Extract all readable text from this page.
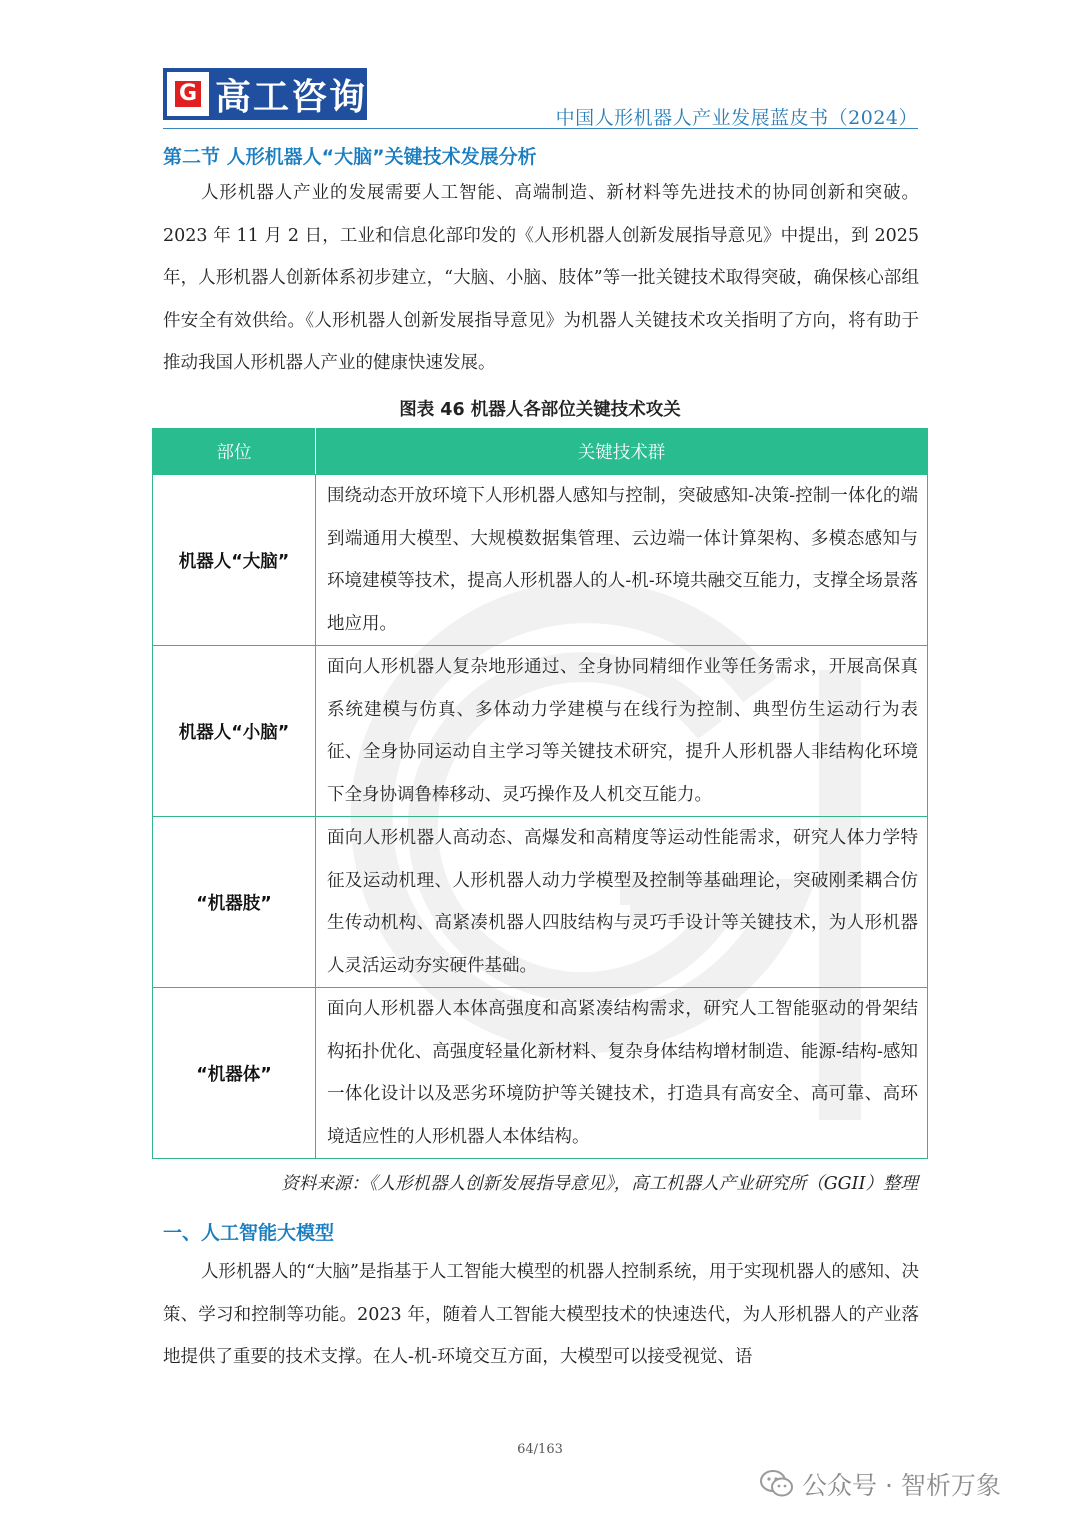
G 高工咨询
中国人形机器人产业发展蓝皮书（2024）
第二节 人形机器人“大脑”关键技术发展分析

人形机器人产业的发展需要人工智能、高端制造、新材料等先进技术的协同创新和突破。2023 年 11 月 2 日，工业和信息化部印发的《人形机器人创新发展指导意见》中提出，到 2025 年，人形机器人创新体系初步建立，“大脑、小脑、肢体”等一批关键技术取得突破，确保核心部组件安全有效供给。《人形机器人创新发展指导意见》为机器人关键技术攻关指明了方向，将有助于推动我国人形机器人产业的健康快速发展。

图表 46 机器人各部位关键技术攻关
部位	关键技术群
机器人“大脑”	围绕动态开放环境下人形机器人感知与控制，突破感知-决策-控制一体化的端到端通用大模型、大规模数据集管理、云边端一体计算架构、多模态感知与环境建模等技术，提高人形机器人的人-机-环境共融交互能力，支撑全场景落地应用。
机器人“小脑”	面向人形机器人复杂地形通过、全身协同精细作业等任务需求，开展高保真系统建模与仿真、多体动力学建模与在线行为控制、典型仿生运动行为表征、全身协同运动自主学习等关键技术研究，提升人形机器人非结构化环境下全身协调鲁棒移动、灵巧操作及人机交互能力。
“机器肢”	面向人形机器人高动态、高爆发和高精度等运动性能需求，研究人体力学特征及运动机理、人形机器人动力学模型及控制等基础理论，突破刚柔耦合仿生传动机构、高紧凑机器人四肢结构与灵巧手设计等关键技术，为人形机器人灵活运动夯实硬件基础。
“机器体”	面向人形机器人本体高强度和高紧凑结构需求，研究人工智能驱动的骨架结构拓扑优化、高强度轻量化新材料、复杂身体结构增材制造、能源-结构-感知一体化设计以及恶劣环境防护等关键技术，打造具有高安全、高可靠、高环境适应性的人形机器人本体结构。
资料来源：《人形机器人创新发展指导意见》，高工机器人产业研究所（GGII）整理
一、人工智能大模型

人形机器人的“大脑”是指基于人工智能大模型的机器人控制系统，用于实现机器人的感知、决策、学习和控制等功能。2023 年，随着人工智能大模型技术的快速迭代，为人形机器人的产业落地提供了重要的技术支撑。在人-机-环境交互方面，大模型可以接受视觉、语

64/163
公众号 · 智析万象
